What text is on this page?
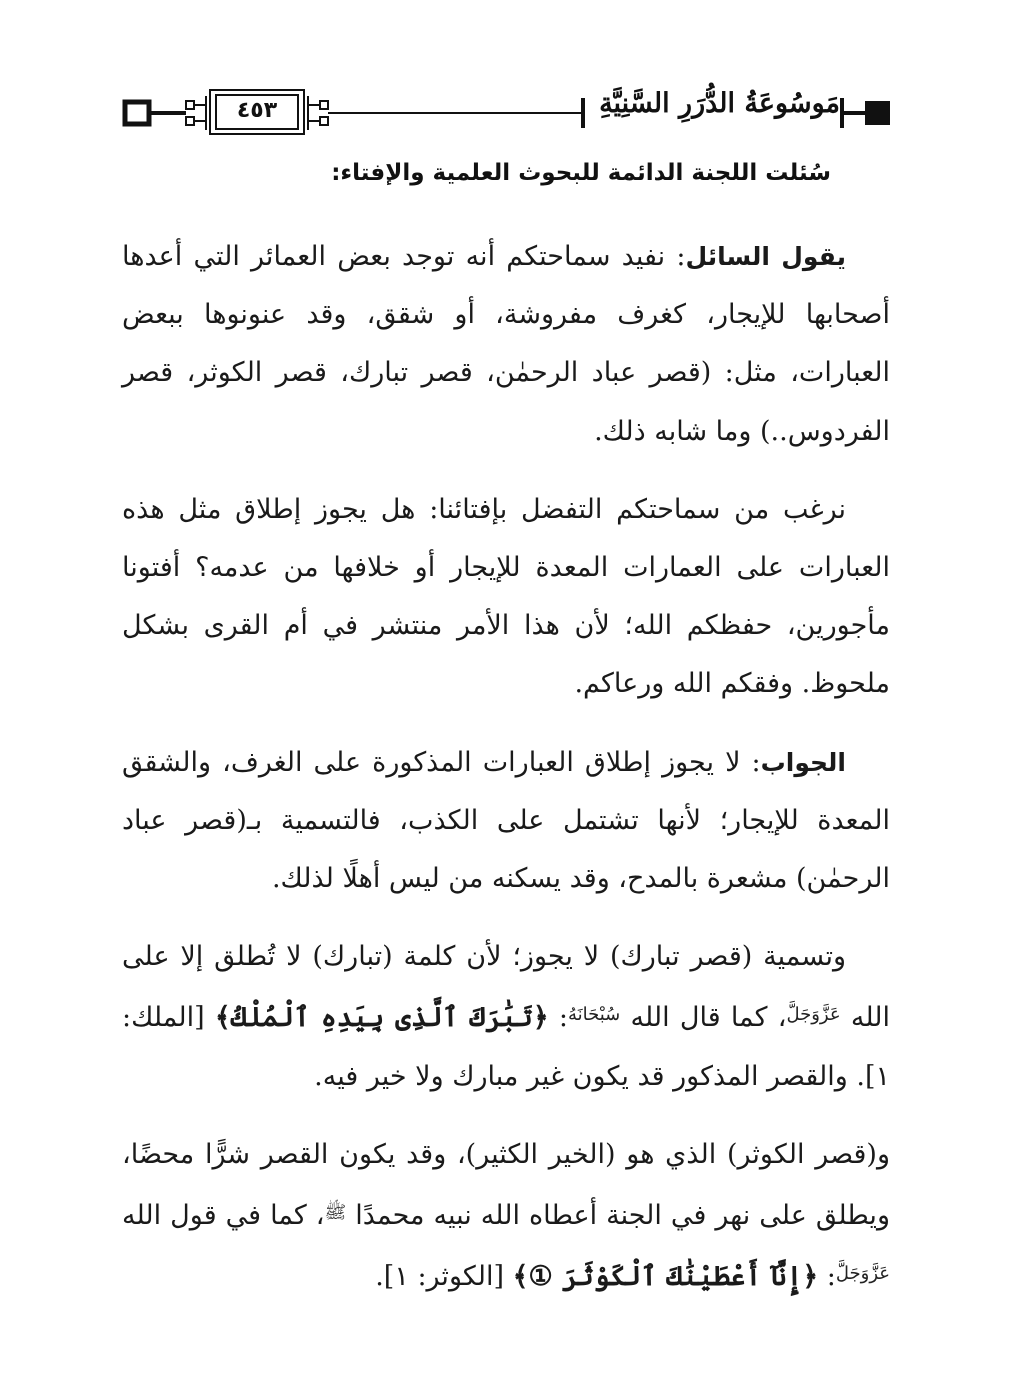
مَوسُوعَةُ الدُّرَرِ السَّنِيَّةِ
٤٥٣
سُئلت اللجنة الدائمة للبحوث العلمية والإفتاء:

يقول السائل: نفيد سماحتكم أنه توجد بعض العمائر التي أعدها أصحابها للإيجار، كغرف مفروشة، أو شقق، وقد عنونوها ببعض العبارات، مثل: (قصر عباد الرحمٰن، قصر تبارك، قصر الكوثر، قصر الفردوس..) وما شابه ذلك.

نرغب من سماحتكم التفضل بإفتائنا: هل يجوز إطلاق مثل هذه العبارات على العمارات المعدة للإيجار أو خلافها من عدمه؟ أفتونا مأجورين، حفظكم الله؛ لأن هذا الأمر منتشر في أم القرى بشكل ملحوظ. وفقكم الله ورعاكم.

الجواب: لا يجوز إطلاق العبارات المذكورة على الغرف، والشقق المعدة للإيجار؛ لأنها تشتمل على الكذب، فالتسمية بـ(قصر عباد الرحمٰن) مشعرة بالمدح، وقد يسكنه من ليس أهلًا لذلك.

وتسمية (قصر تبارك) لا يجوز؛ لأن كلمة (تبارك) لا تُطلق إلا على الله $^{عَزَّوَجَلَّ}$، كما قال الله $^{سُبْحَانَهُ}$: ﴿تَبَٰرَكَ ٱلَّذِى بِيَدِهِ ٱلْمُلْكُ﴾ [الملك: ١]. والقصر المذكور قد يكون غير مبارك ولا خير فيه.

و(قصر الكوثر) الذي هو (الخير الكثير)، وقد يكون القصر شرًّا محضًا، ويطلق على نهر في الجنة أعطاه الله نبيه محمدًا $^ﷺ$، كما في قول الله $^{عَزَّوَجَلَّ}$: ﴿إِنَّآ أَعْطَيْنَٰكَ ٱلْكَوْثَرَ ①﴾ [الكوثر: ١].
